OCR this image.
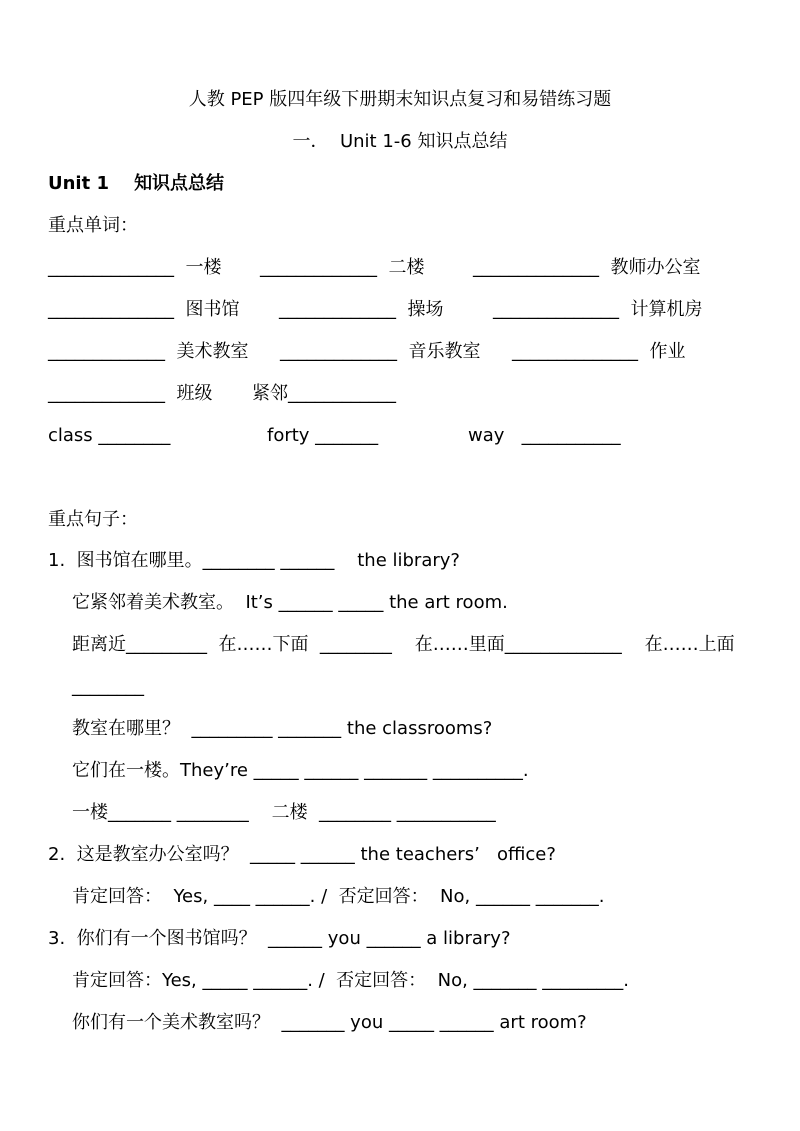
人教 PEP 版四年级下册期末知识点复习和易错练习题
一．  Unit 1-6 知识点总结
Unit 1    知识点总结
重点单词：
______________  一楼 _____________  二楼	______________  教师办公室
______________  图书馆 _____________  操场	______________  计算机房
_____________  美术教室 _____________  音乐教室 ______________  作业
_____________  班级 紧邻____________
class ________	forty _______	way   ___________
重点句子：
1.  图书馆在哪里。________ ______    the library?
它紧邻着美术教室。  It’s ______ _____ the art room.
距离近_________  在……下面  ________    在……里面_____________    在……上面
________
教室在哪里？  _________ _______ the classrooms?
它们在一楼。They’re _____ ______ _______ __________.
一楼_______ ________    二楼  ________ ___________
2.  这是教室办公室吗？  _____ ______ the teachers’   office?
肯定回答：  Yes, ____ ______. /  否定回答：  No, ______ _______.
3.  你们有一个图书馆吗？  ______ you ______ a library?
肯定回答：Yes, _____ ______. /  否定回答：  No, _______ _________.
你们有一个美术教室吗？  _______ you _____ ______ art room?
